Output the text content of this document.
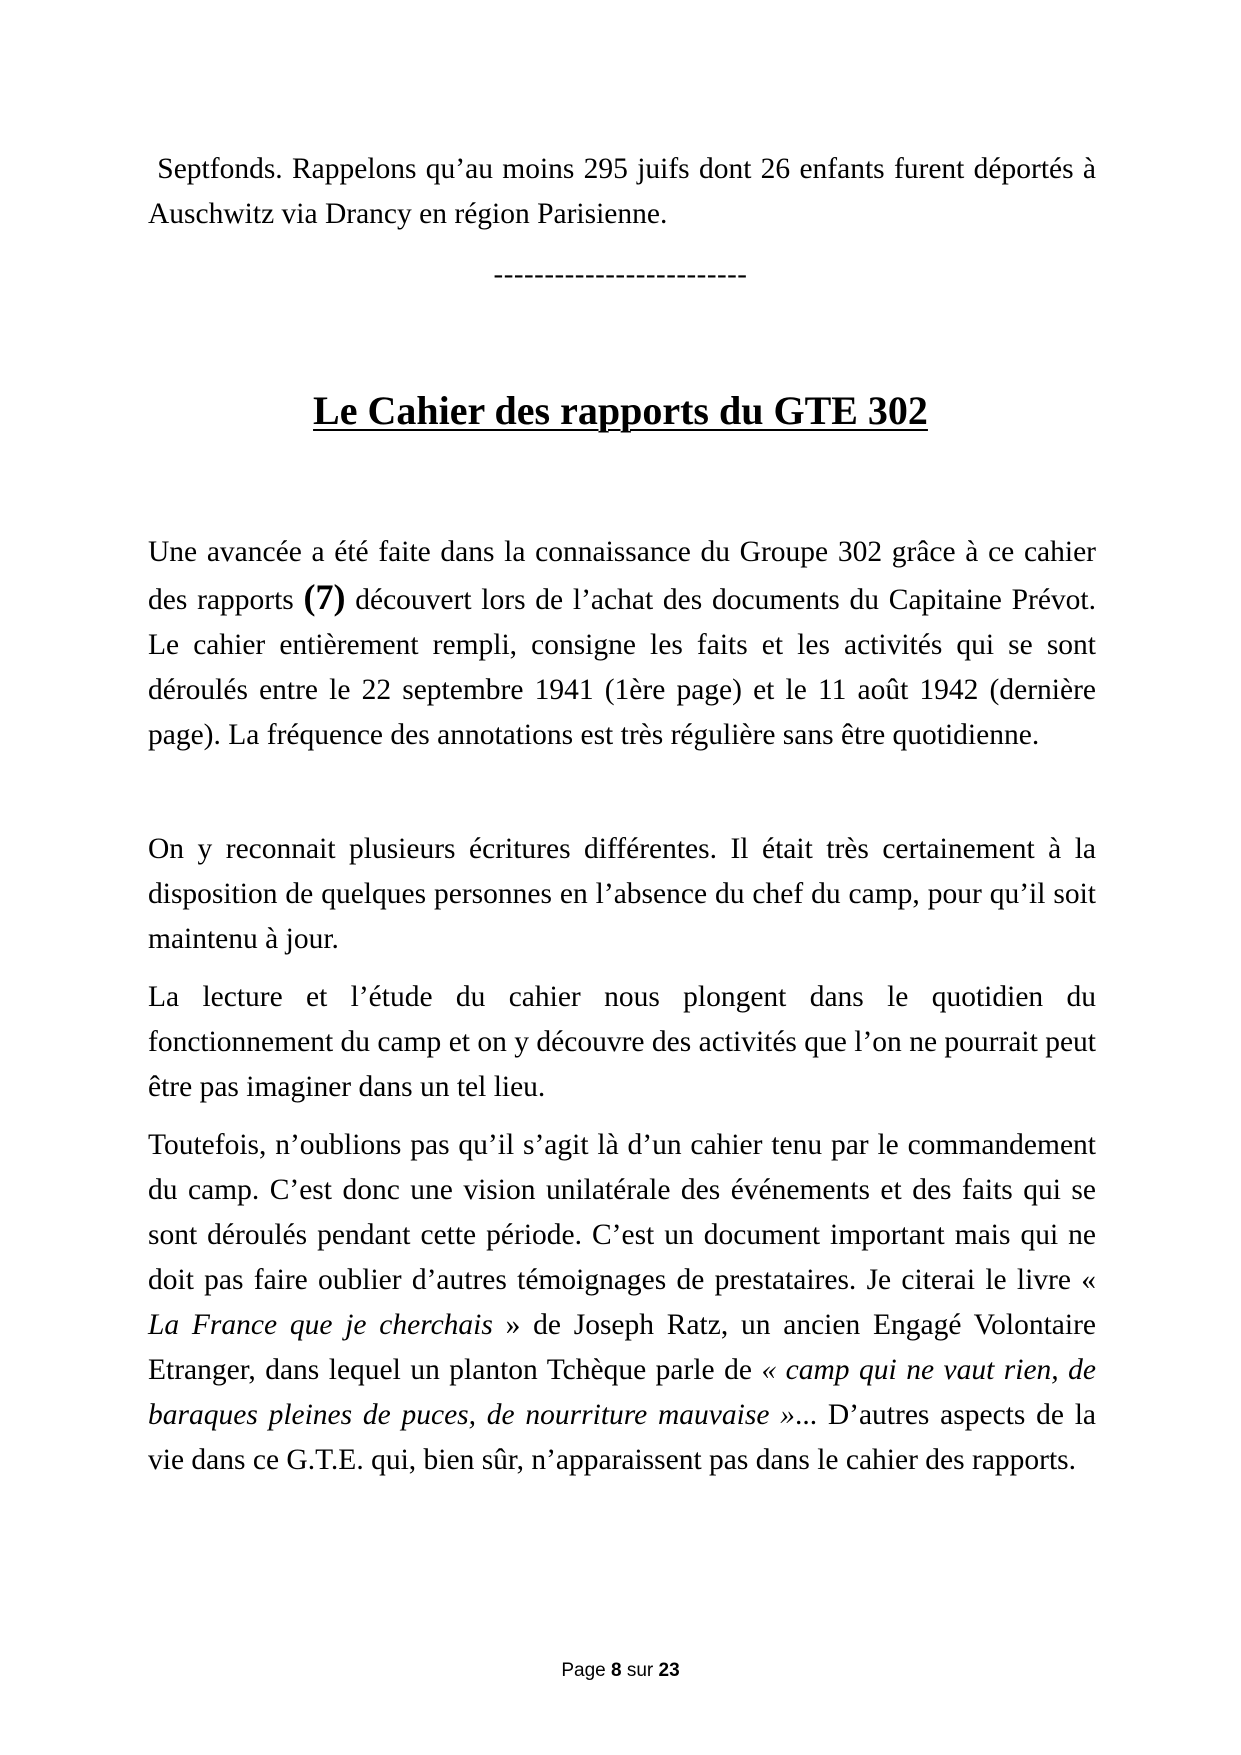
Septfonds. Rappelons qu’au moins 295 juifs dont 26 enfants furent déportés à Auschwitz via Drancy en région Parisienne.

-------------------------
Le Cahier des rapports du GTE 302

Une avancée a été faite dans la connaissance du Groupe 302 grâce à ce cahier des rapports (7) découvert lors de l’achat des documents du Capitaine Prévot. Le cahier entièrement rempli, consigne les faits et les activités qui se sont déroulés entre le 22 septembre 1941 (1ère page) et le 11 août 1942 (dernière page). La fréquence des annotations est très régulière sans être quotidienne.

On y reconnait plusieurs écritures différentes. Il était très certainement à la disposition de quelques personnes en l’absence du chef du camp, pour qu’il soit maintenu à jour.

La lecture et l’étude du cahier nous plongent dans le quotidien du fonctionnement du camp et on y découvre des activités que l’on ne pourrait peut être pas imaginer dans un tel lieu.

Toutefois, n’oublions pas qu’il s’agit là d’un cahier tenu par le commandement du camp. C’est donc une vision unilatérale des événements et des faits qui se sont déroulés pendant cette période. C’est un document important mais qui ne doit pas faire oublier d’autres témoignages de prestataires. Je citerai le livre « La France que je cherchais » de Joseph Ratz, un ancien Engagé Volontaire Etranger, dans lequel un planton Tchèque parle de « camp qui ne vaut rien, de baraques pleines de puces, de nourriture mauvaise »... D’autres aspects de la vie dans ce G.T.E. qui, bien sûr, n’apparaissent pas dans le cahier des rapports.

Page 8 sur 23
